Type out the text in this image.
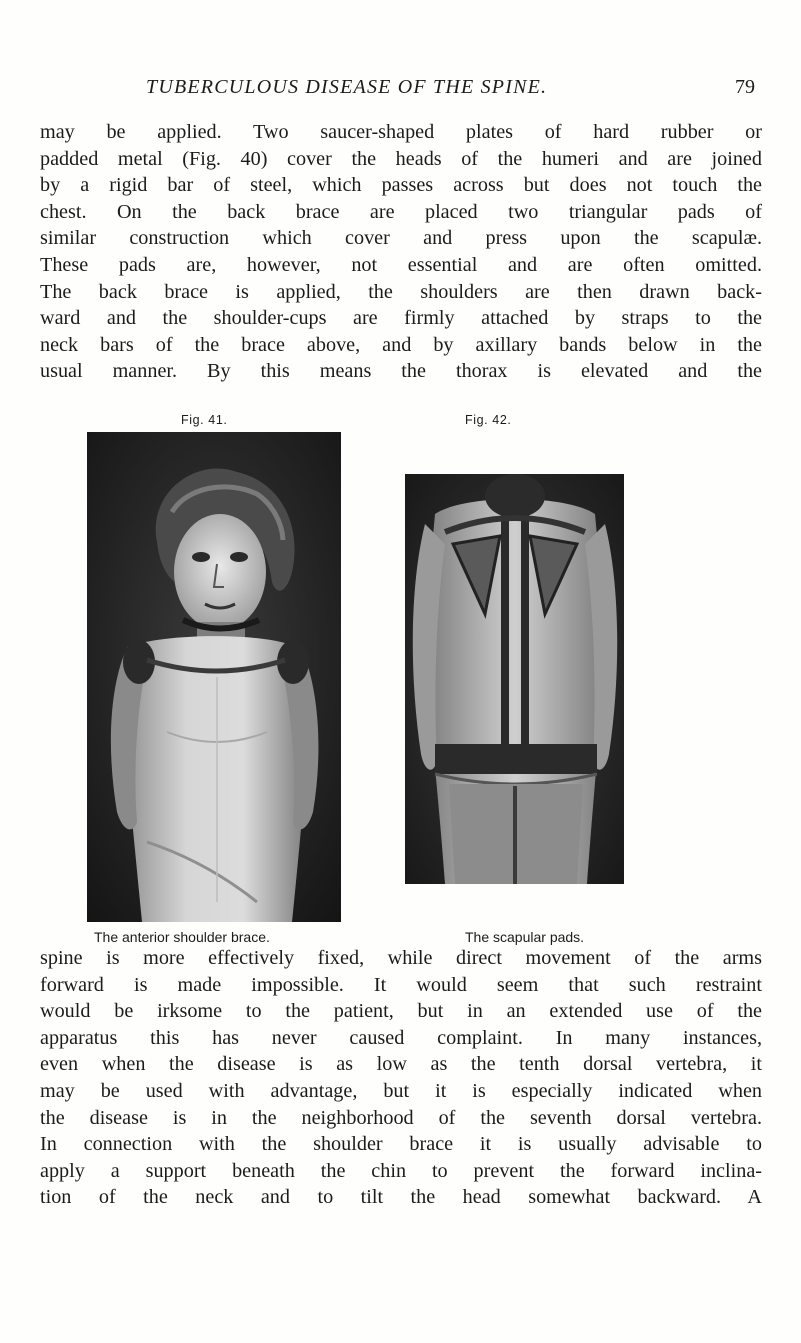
TUBERCULOUS DISEASE OF THE SPINE.	79

may be applied. Two saucer-shaped plates of hard rubber or
padded metal (Fig. 40) cover the heads of the humeri and are joined
by a rigid bar of steel, which passes across but does not touch the
chest. On the back brace are placed two triangular pads of
similar construction which cover and press upon the scapulæ.
These pads are, however, not essential and are often omitted.
The back brace is applied, the shoulders are then drawn back-
ward and the shoulder-cups are firmly attached by straps to the
neck bars of the brace above, and by axillary bands below in the
usual manner. By this means the thorax is elevated and the

Fig. 41.	Fig. 42.
The anterior shoulder brace.	The scapular pads.

spine is more effectively fixed, while direct movement of the arms
forward is made impossible. It would seem that such restraint
would be irksome to the patient, but in an extended use of the
apparatus this has never caused complaint. In many instances,
even when the disease is as low as the tenth dorsal vertebra, it
may be used with advantage, but it is especially indicated when
the disease is in the neighborhood of the seventh dorsal vertebra.
In connection with the shoulder brace it is usually advisable to
apply a support beneath the chin to prevent the forward inclina-
tion of the neck and to tilt the head somewhat backward. A
